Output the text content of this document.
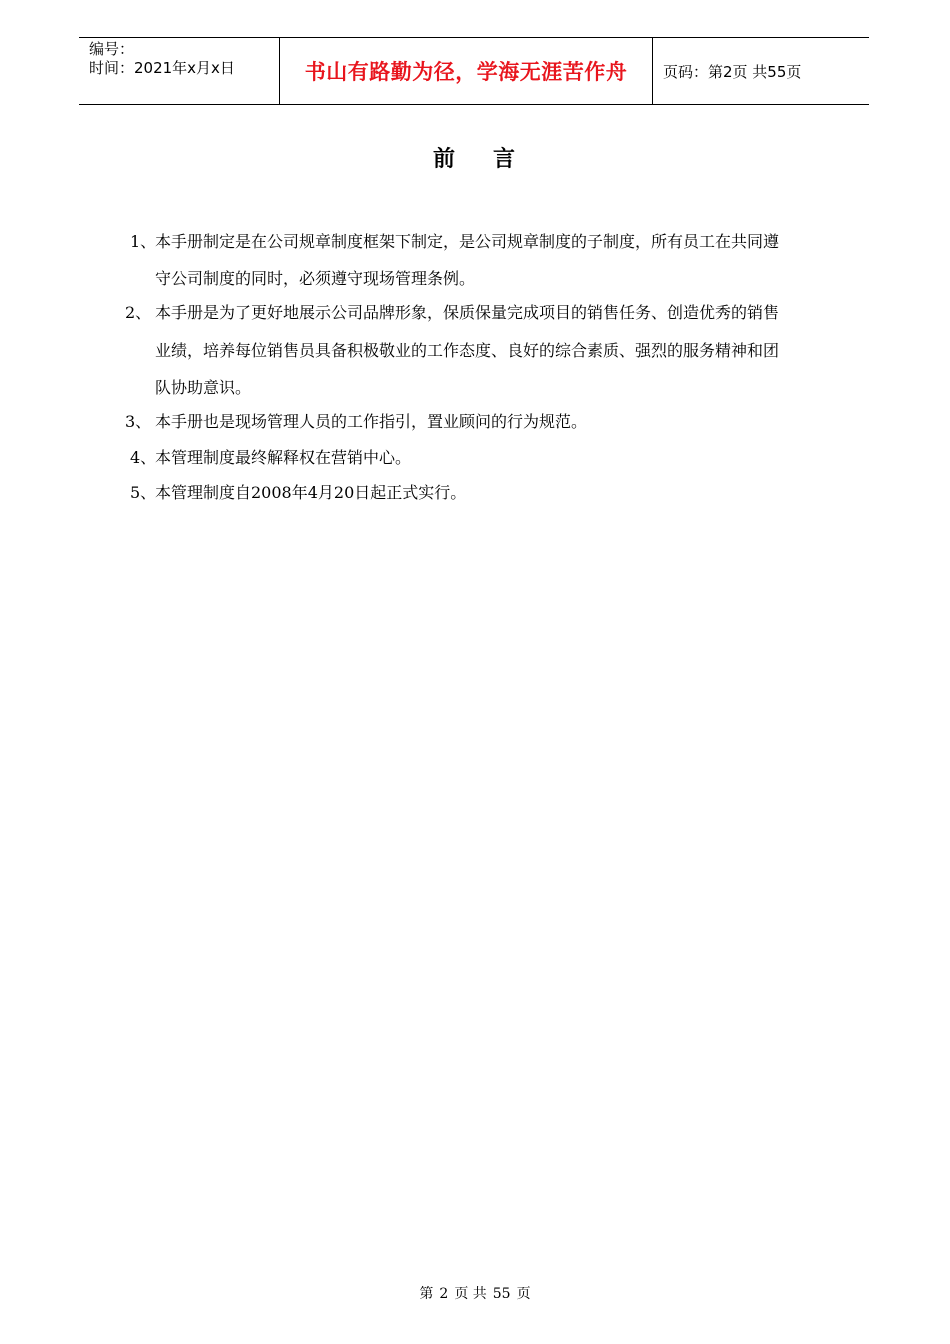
编号：
时间：2021年x月x日	书山有路勤为径，学海无涯苦作舟	页码：第2页 共55页
前 言
1、
本手册制定是在公司规章制度框架下制定，是公司规章制度的子制度，所有员工在共同遵
守公司制度的同时，必须遵守现场管理条例。
2、 本手册是为了更好地展示公司品牌形象，保质保量完成项目的销售任务、创造优秀的销售
业绩，培养每位销售员具备积极敬业的工作态度、良好的综合素质、强烈的服务精神和团
队协助意识。
3、 本手册也是现场管理人员的工作指引，置业顾问的行为规范。
4、
本管理制度最终解释权在营销中心。
5、
本管理制度自2008年4月20日起正式实行。
第 2 页 共 55 页
